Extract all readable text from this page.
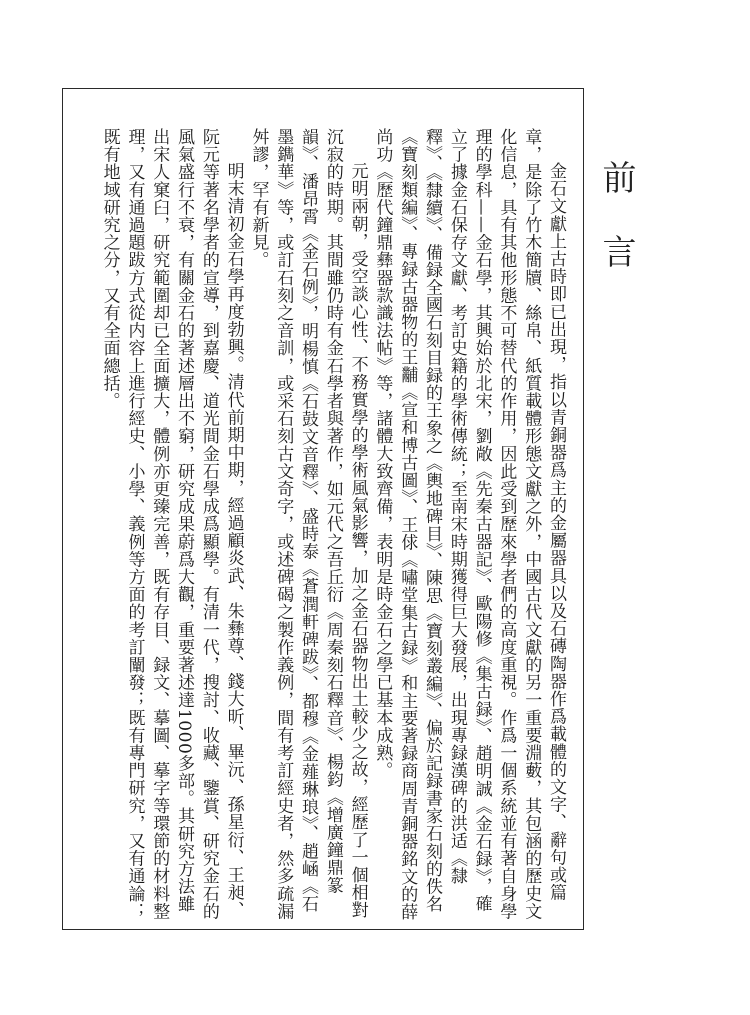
前言

金石文獻上古時即已出現，指以青銅器爲主的金屬器具以及石磚陶器作爲載體的文字、辭句或篇章，是除了竹木簡牘、絲帛、紙質載體形態文獻之外，中國古代文獻的另一重要淵藪，其包涵的歷史文化信息，具有其他形態不可替代的作用，因此受到歷來學者們的高度重視。作爲一個系統並有著自身學理的學科——金石學，其興始於北宋，劉敞《先秦古器記》、歐陽修《集古録》、趙明誠《金石録》，確立了據金石保存文獻、考訂史籍的學術傳統；至南宋時期獲得巨大發展，出現專録漢碑的洪适《隸釋》、《隸續》、備録全國石刻目録的王象之《輿地碑目》、陳思《寶刻叢編》、偏於記録書家石刻的佚名《寶刻類編》、專録古器物的王黼《宣和博古圖》、王俅《嘯堂集古録》和主要著録商周青銅器銘文的薛尚功《歷代鐘鼎彝器款識法帖》等，諸體大致齊備，表明是時金石之學已基本成熟。

元明兩朝，受空談心性、不務實學的學術風氣影響，加之金石器物出土較少之故，經歷了一個相對沉寂的時期。其間雖仍時有金石學者與著作，如元代之吾丘衍《周秦刻石釋音》、楊鈞《增廣鐘鼎篆韻》、潘昂霄《金石例》，明楊慎《石鼓文音釋》、盛時泰《蒼潤軒碑跋》、都穆《金薤琳琅》、趙崡《石墨鐫華》等，或訂石刻之音訓，或采石刻古文奇字，或述碑碣之製作義例，間有考訂經史者，然多疏漏舛謬，罕有新見。

明末清初金石學再度勃興。清代前期中期，經過顧炎武、朱彝尊、錢大昕、畢沅、孫星衍、王昶、阮元等著名學者的宣導，到嘉慶、道光間金石學成爲顯學。有清一代，搜討、收藏、鑒賞、研究金石的風氣盛行不衰，有關金石的著述層出不窮，研究成果蔚爲大觀，重要著述達1000多部。其研究方法雖出宋人窠臼，研究範圍却已全面擴大，體例亦更臻完善，既有存目、録文、摹圖、摹字等環節的材料整理，又有通過題跋方式從内容上進行經史、小學、義例等方面的考訂闡發；既有專門研究，又有通論；既有地域研究之分，又有全面總括。
